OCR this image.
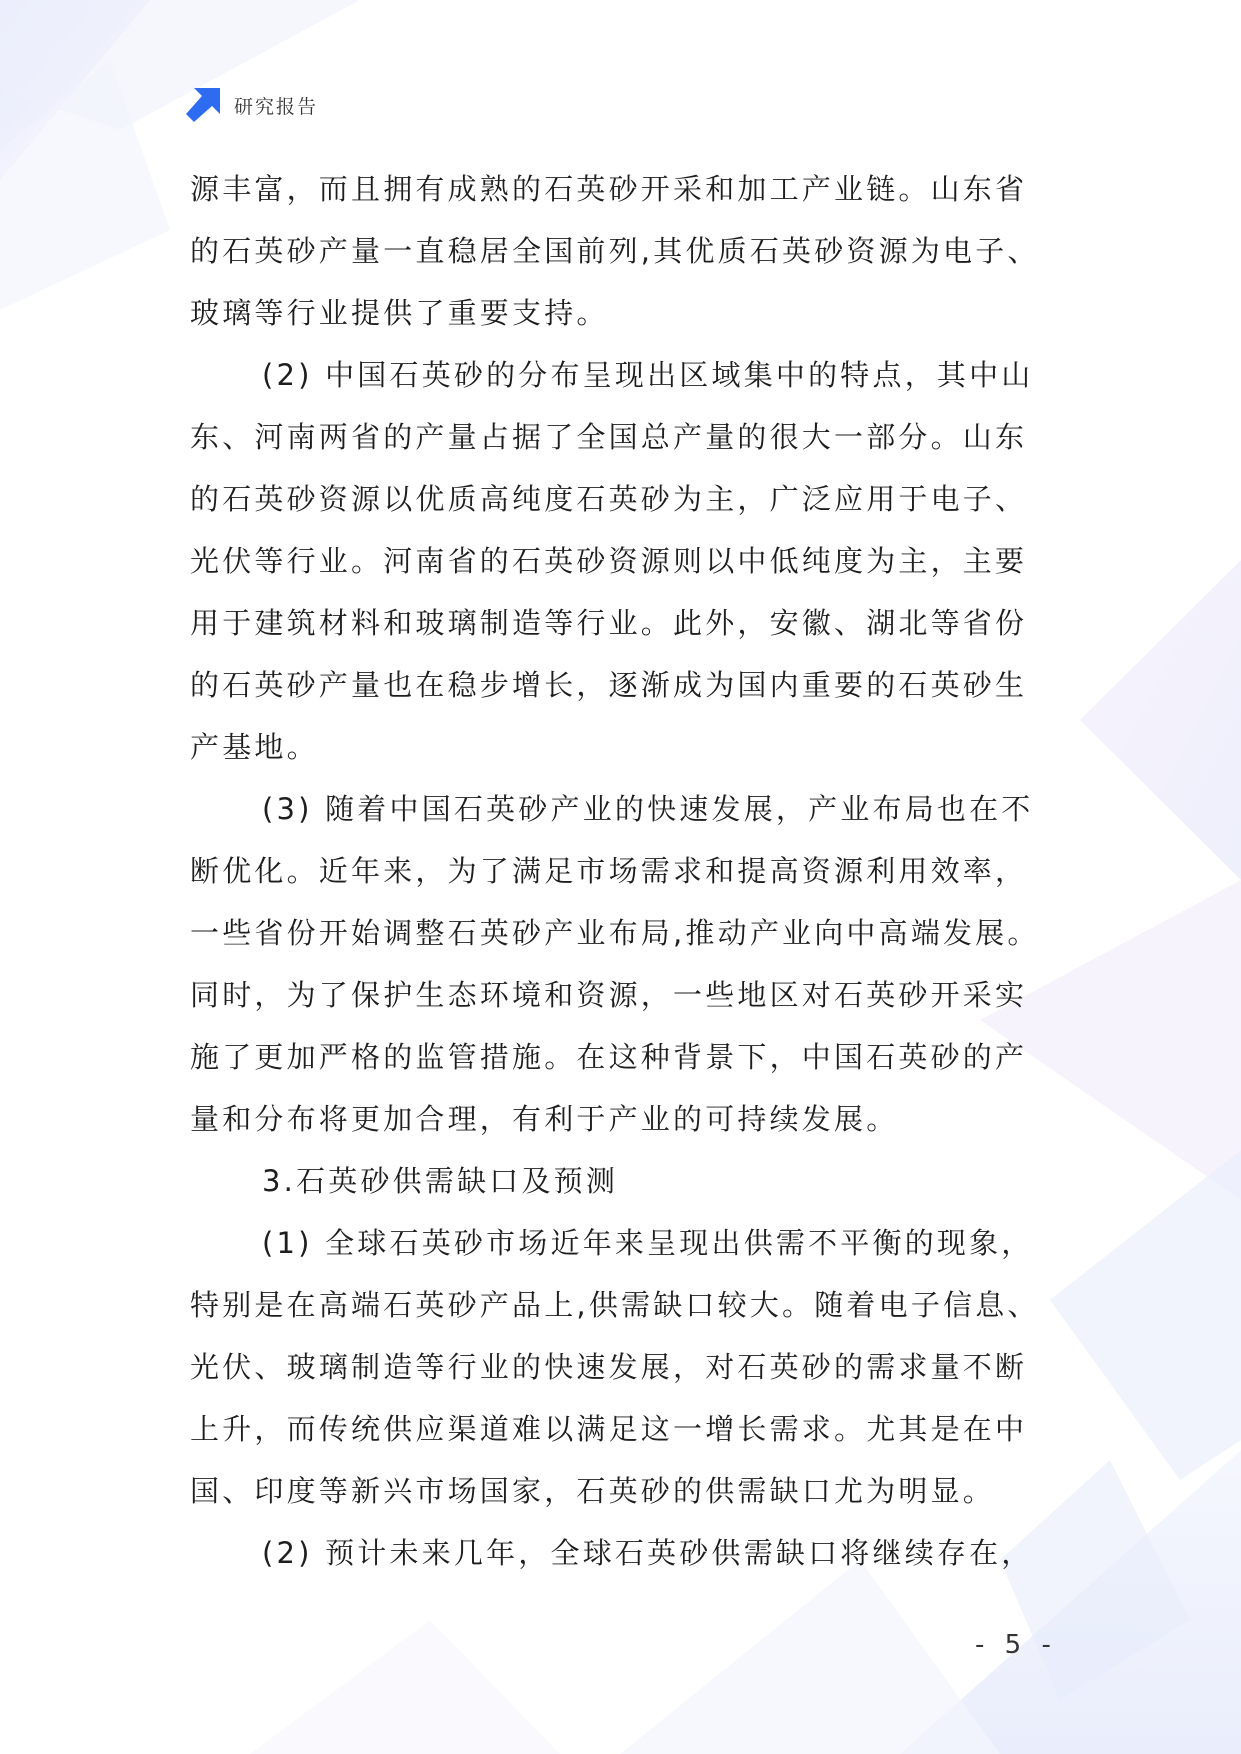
研究报告
源丰富，而且拥有成熟的石英砂开采和加工产业链。山东省
的石英砂产量一直稳居全国前列,其优质石英砂资源为电子、
玻璃等行业提供了重要支持。
(2) 中国石英砂的分布呈现出区域集中的特点，其中山
东、河南两省的产量占据了全国总产量的很大一部分。山东
的石英砂资源以优质高纯度石英砂为主，广泛应用于电子、
光伏等行业。河南省的石英砂资源则以中低纯度为主，主要
用于建筑材料和玻璃制造等行业。此外，安徽、湖北等省份
的石英砂产量也在稳步增长，逐渐成为国内重要的石英砂生
产基地。
(3) 随着中国石英砂产业的快速发展，产业布局也在不
断优化。近年来，为了满足市场需求和提高资源利用效率，
一些省份开始调整石英砂产业布局,推动产业向中高端发展。
同时，为了保护生态环境和资源，一些地区对石英砂开采实
施了更加严格的监管措施。在这种背景下，中国石英砂的产
量和分布将更加合理，有利于产业的可持续发展。
3.石英砂供需缺口及预测
(1) 全球石英砂市场近年来呈现出供需不平衡的现象，
特别是在高端石英砂产品上,供需缺口较大。随着电子信息、
光伏、玻璃制造等行业的快速发展，对石英砂的需求量不断
上升，而传统供应渠道难以满足这一增长需求。尤其是在中
国、印度等新兴市场国家，石英砂的供需缺口尤为明显。
(2) 预计未来几年，全球石英砂供需缺口将继续存在，
- 5 -
